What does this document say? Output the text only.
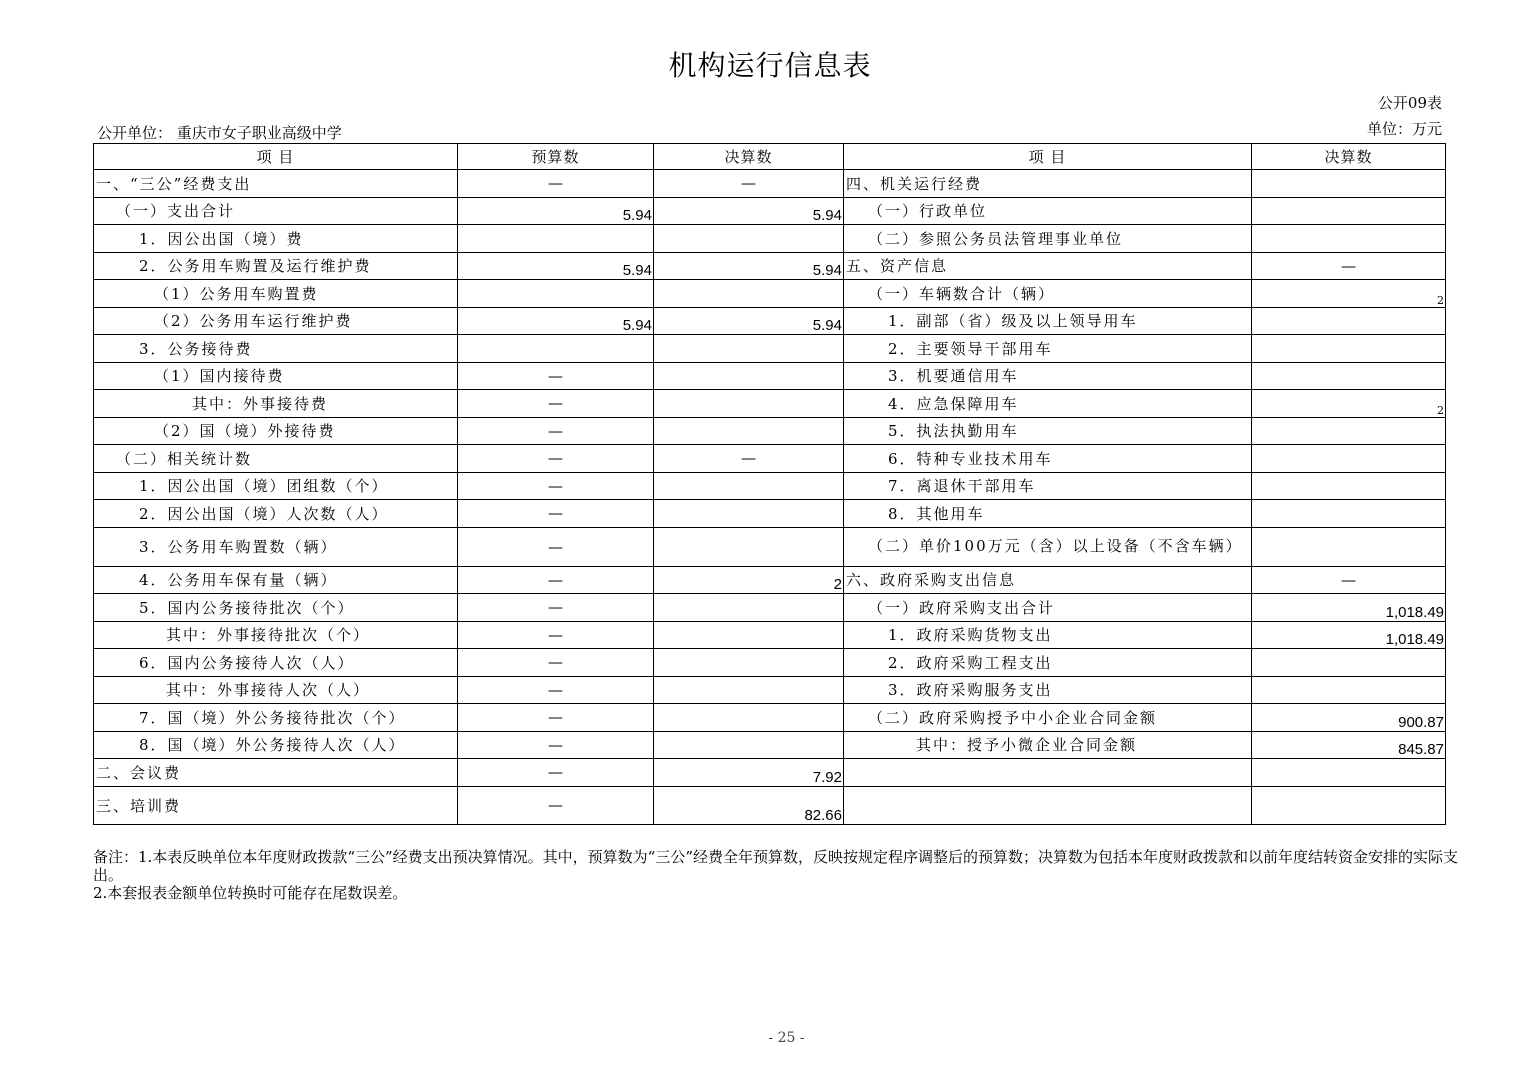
机构运行信息表
公开09表
公开单位： 重庆市女子职业高级中学	单位：万元
项 目	预算数	决算数	项 目	决算数
一、“三公”经费支出	—	—	四、机关运行经费	
（一）支出合计	5.94	5.94	（一）行政单位	
1．因公出国（境）费			（二）参照公务员法管理事业单位	
2．公务用车购置及运行维护费	5.94	5.94	五、资产信息	—
（1）公务用车购置费			（一）车辆数合计（辆）	2
（2）公务用车运行维护费	5.94	5.94	1．副部（省）级及以上领导用车	
3．公务接待费			2．主要领导干部用车	
（1）国内接待费	—		3．机要通信用车	
其中：外事接待费	—		4．应急保障用车	2
（2）国（境）外接待费	—		5．执法执勤用车	
（二）相关统计数	—	—	6．特种专业技术用车	
1．因公出国（境）团组数（个）	—		7．离退休干部用车	
2．因公出国（境）人次数（人）	—		8．其他用车	
3．公务用车购置数（辆）	—		（二）单价100万元（含）以上设备（不含车辆）	
4．公务用车保有量（辆）	—	2	六、政府采购支出信息	—
5．国内公务接待批次（个）	—		（一）政府采购支出合计	1,018.49
其中：外事接待批次（个）	—		1．政府采购货物支出	1,018.49
6．国内公务接待人次（人）	—		2．政府采购工程支出	
其中：外事接待人次（人）	—		3．政府采购服务支出	
7．国（境）外公务接待批次（个）	—		（二）政府采购授予中小企业合同金额	900.87
8．国（境）外公务接待人次（人）	—		其中：授予小微企业合同金额	845.87
二、会议费	—	7.92		
三、培训费	—	82.66		
备注：1.本表反映单位本年度财政拨款“三公”经费支出预决算情况。其中，预算数为“三公”经费全年预算数，反映按规定程序调整后的预算数；决算数为包括本年度财政拨款和以前年度结转资金安排的实际支出。
2.本套报表金额单位转换时可能存在尾数误差。
- 25 -
